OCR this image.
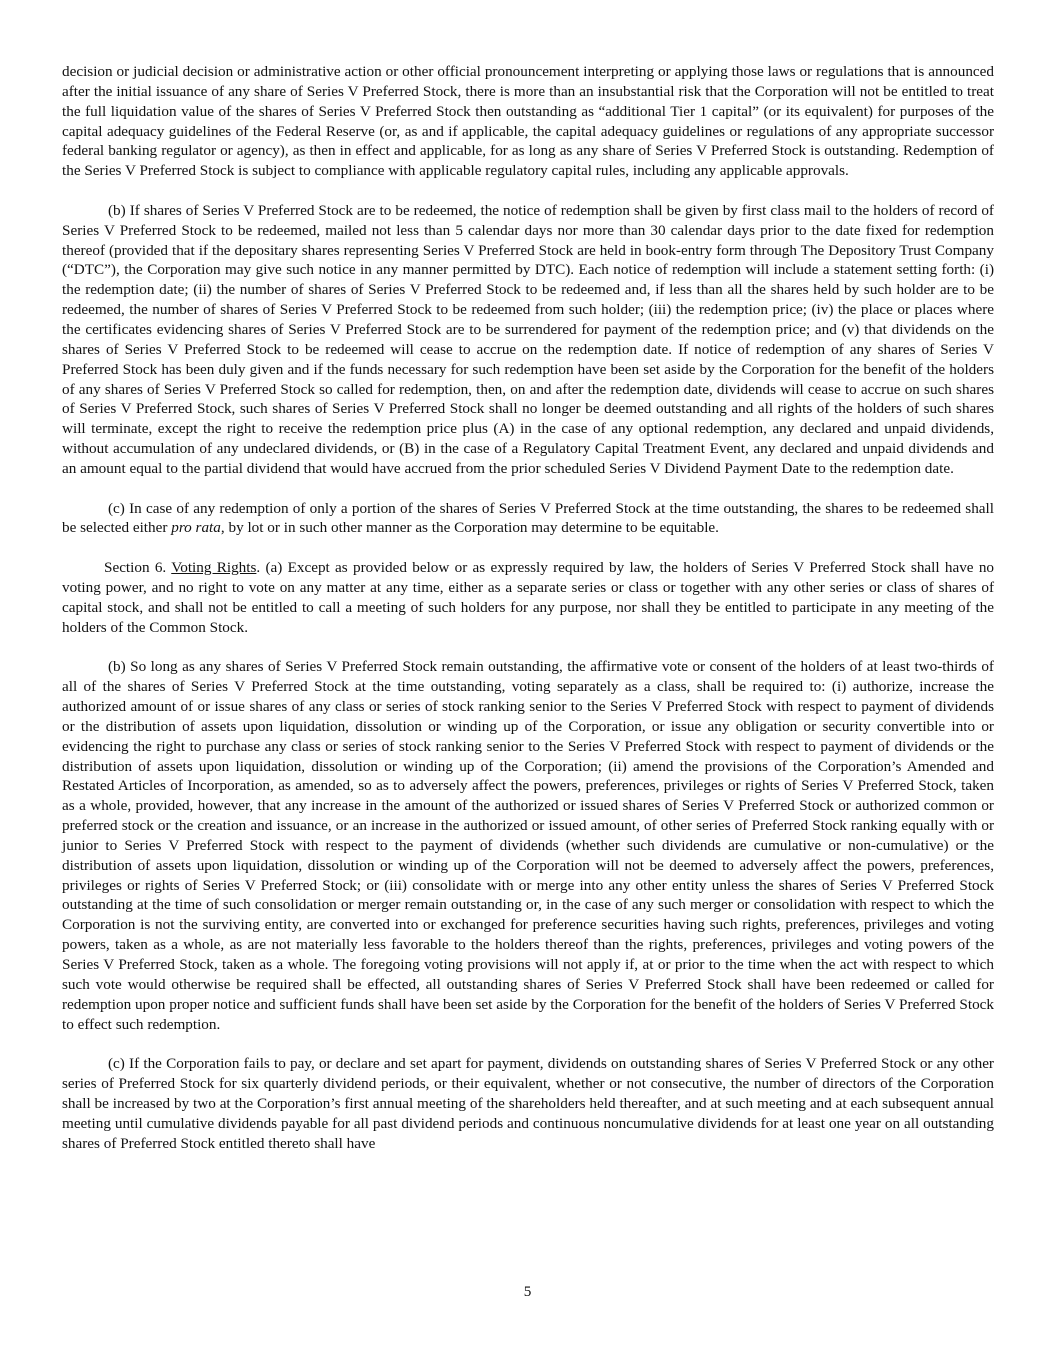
decision or judicial decision or administrative action or other official pronouncement interpreting or applying those laws or regulations that is announced after the initial issuance of any share of Series V Preferred Stock, there is more than an insubstantial risk that the Corporation will not be entitled to treat the full liquidation value of the shares of Series V Preferred Stock then outstanding as “additional Tier 1 capital” (or its equivalent) for purposes of the capital adequacy guidelines of the Federal Reserve (or, as and if applicable, the capital adequacy guidelines or regulations of any appropriate successor federal banking regulator or agency), as then in effect and applicable, for as long as any share of Series V Preferred Stock is outstanding. Redemption of the Series V Preferred Stock is subject to compliance with applicable regulatory capital rules, including any applicable approvals.

(b) If shares of Series V Preferred Stock are to be redeemed, the notice of redemption shall be given by first class mail to the holders of record of Series V Preferred Stock to be redeemed, mailed not less than 5 calendar days nor more than 30 calendar days prior to the date fixed for redemption thereof (provided that if the depositary shares representing Series V Preferred Stock are held in book-entry form through The Depository Trust Company (“DTC”), the Corporation may give such notice in any manner permitted by DTC). Each notice of redemption will include a statement setting forth: (i) the redemption date; (ii) the number of shares of Series V Preferred Stock to be redeemed and, if less than all the shares held by such holder are to be redeemed, the number of shares of Series V Preferred Stock to be redeemed from such holder; (iii) the redemption price; (iv) the place or places where the certificates evidencing shares of Series V Preferred Stock are to be surrendered for payment of the redemption price; and (v) that dividends on the shares of Series V Preferred Stock to be redeemed will cease to accrue on the redemption date. If notice of redemption of any shares of Series V Preferred Stock has been duly given and if the funds necessary for such redemption have been set aside by the Corporation for the benefit of the holders of any shares of Series V Preferred Stock so called for redemption, then, on and after the redemption date, dividends will cease to accrue on such shares of Series V Preferred Stock, such shares of Series V Preferred Stock shall no longer be deemed outstanding and all rights of the holders of such shares will terminate, except the right to receive the redemption price plus (A) in the case of any optional redemption, any declared and unpaid dividends, without accumulation of any undeclared dividends, or (B) in the case of a Regulatory Capital Treatment Event, any declared and unpaid dividends and an amount equal to the partial dividend that would have accrued from the prior scheduled Series V Dividend Payment Date to the redemption date.

(c) In case of any redemption of only a portion of the shares of Series V Preferred Stock at the time outstanding, the shares to be redeemed shall be selected either pro rata, by lot or in such other manner as the Corporation may determine to be equitable.

Section 6. Voting Rights. (a) Except as provided below or as expressly required by law, the holders of Series V Preferred Stock shall have no voting power, and no right to vote on any matter at any time, either as a separate series or class or together with any other series or class of shares of capital stock, and shall not be entitled to call a meeting of such holders for any purpose, nor shall they be entitled to participate in any meeting of the holders of the Common Stock.

(b) So long as any shares of Series V Preferred Stock remain outstanding, the affirmative vote or consent of the holders of at least two-thirds of all of the shares of Series V Preferred Stock at the time outstanding, voting separately as a class, shall be required to: (i) authorize, increase the authorized amount of or issue shares of any class or series of stock ranking senior to the Series V Preferred Stock with respect to payment of dividends or the distribution of assets upon liquidation, dissolution or winding up of the Corporation, or issue any obligation or security convertible into or evidencing the right to purchase any class or series of stock ranking senior to the Series V Preferred Stock with respect to payment of dividends or the distribution of assets upon liquidation, dissolution or winding up of the Corporation; (ii) amend the provisions of the Corporation’s Amended and Restated Articles of Incorporation, as amended, so as to adversely affect the powers, preferences, privileges or rights of Series V Preferred Stock, taken as a whole, provided, however, that any increase in the amount of the authorized or issued shares of Series V Preferred Stock or authorized common or preferred stock or the creation and issuance, or an increase in the authorized or issued amount, of other series of Preferred Stock ranking equally with or junior to Series V Preferred Stock with respect to the payment of dividends (whether such dividends are cumulative or non-cumulative) or the distribution of assets upon liquidation, dissolution or winding up of the Corporation will not be deemed to adversely affect the powers, preferences, privileges or rights of Series V Preferred Stock; or (iii) consolidate with or merge into any other entity unless the shares of Series V Preferred Stock outstanding at the time of such consolidation or merger remain outstanding or, in the case of any such merger or consolidation with respect to which the Corporation is not the surviving entity, are converted into or exchanged for preference securities having such rights, preferences, privileges and voting powers, taken as a whole, as are not materially less favorable to the holders thereof than the rights, preferences, privileges and voting powers of the Series V Preferred Stock, taken as a whole. The foregoing voting provisions will not apply if, at or prior to the time when the act with respect to which such vote would otherwise be required shall be effected, all outstanding shares of Series V Preferred Stock shall have been redeemed or called for redemption upon proper notice and sufficient funds shall have been set aside by the Corporation for the benefit of the holders of Series V Preferred Stock to effect such redemption.

(c) If the Corporation fails to pay, or declare and set apart for payment, dividends on outstanding shares of Series V Preferred Stock or any other series of Preferred Stock for six quarterly dividend periods, or their equivalent, whether or not consecutive, the number of directors of the Corporation shall be increased by two at the Corporation’s first annual meeting of the shareholders held thereafter, and at such meeting and at each subsequent annual meeting until cumulative dividends payable for all past dividend periods and continuous noncumulative dividends for at least one year on all outstanding shares of Preferred Stock entitled thereto shall have

5
